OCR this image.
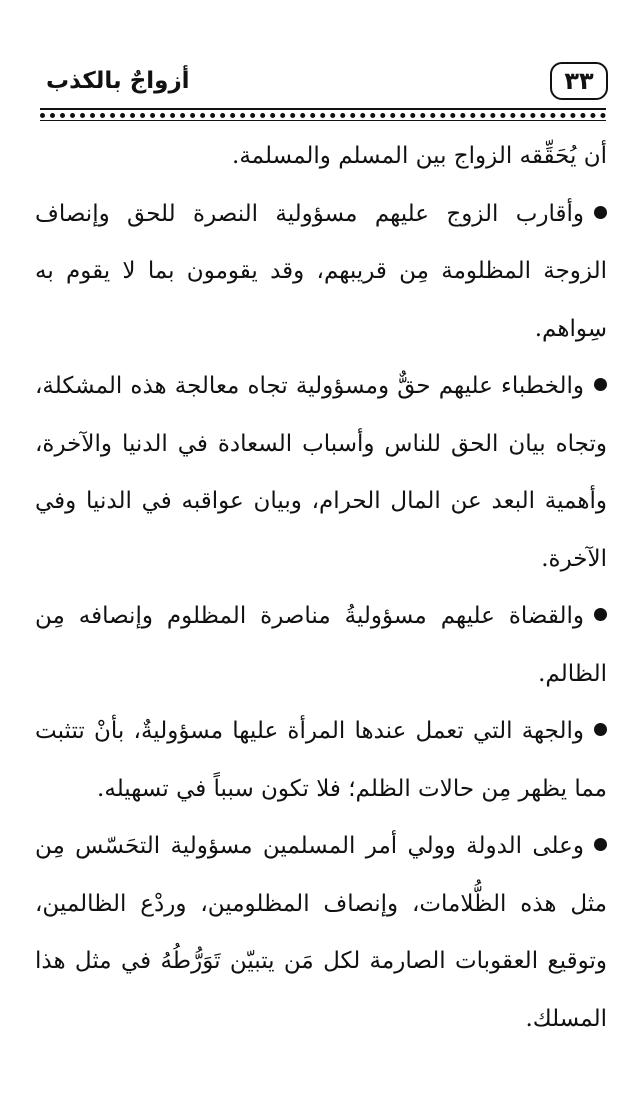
٣٣
أزواجٌ بالكذب

أن يُحَقِّقه الزواج بين المسلم والمسلمة.

وأقارب الزوج عليهم مسؤولية النصرة للحق وإنصاف الزوجة المظلومة مِن قريبهم، وقد يقومون بما لا يقوم به سِواهم.

والخطباء عليهم حقٌّ ومسؤولية تجاه معالجة هذه المشكلة، وتجاه بيان الحق للناس وأسباب السعادة في الدنيا والآخرة، وأهمية البعد عن المال الحرام، وبيان عواقبه في الدنيا وفي الآخرة.

والقضاة عليهم مسؤوليةُ مناصرة المظلوم وإنصافه مِن الظالم.

والجهة التي تعمل عندها المرأة عليها مسؤوليةٌ، بأنْ تتثبت مما يظهر مِن حالات الظلم؛ فلا تكون سبباً في تسهيله.

وعلى الدولة وولي أمر المسلمين مسؤولية التحَسّس مِن مثل هذه الظُّلامات، وإنصاف المظلومين، وردْع الظالمين، وتوقيع العقوبات الصارمة لكل مَن يتبيّن تَوَرُّطُهُ في مثل هذا المسلك.
